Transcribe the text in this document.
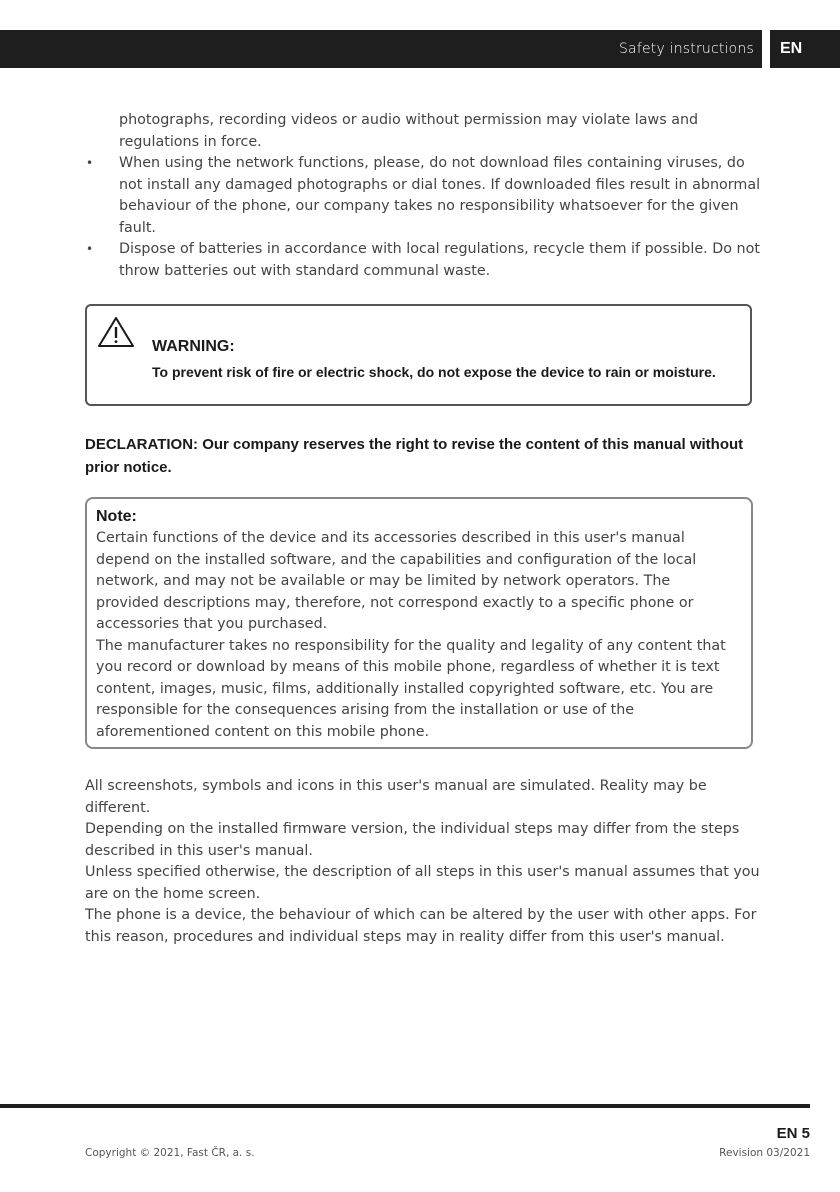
Safety instructions	EN

photographs, recording videos or audio without permission may violate laws and regulations in force.

• When using the network functions, please, do not download files containing viruses, do not install any damaged photographs or dial tones. If downloaded files result in abnormal behaviour of the phone, our company takes no responsibility whatsoever for the given fault.
• Dispose of batteries in accordance with local regulations, recycle them if possible. Do not throw batteries out with standard communal waste.

WARNING:

To prevent risk of fire or electric shock, do not expose the device to rain or moisture.

DECLARATION: Our company reserves the right to revise the content of this manual without prior notice.

Note:

Certain functions of the device and its accessories described in this user's manual depend on the installed software, and the capabilities and configuration of the local network, and may not be available or may be limited by network operators. The provided descriptions may, therefore, not correspond exactly to a specific phone or accessories that you purchased.
The manufacturer takes no responsibility for the quality and legality of any content that you record or download by means of this mobile phone, regardless of whether it is text content, images, music, films, additionally installed copyrighted software, etc. You are responsible for the consequences arising from the installation or use of the aforementioned content on this mobile phone.
All screenshots, symbols and icons in this user's manual are simulated. Reality may be different.
Depending on the installed firmware version, the individual steps may differ from the steps described in this user's manual.
Unless specified otherwise, the description of all steps in this user's manual assumes that you are on the home screen.
The phone is a device, the behaviour of which can be altered by the user with other apps. For this reason, procedures and individual steps may in reality differ from this user's manual.
EN 5
Copyright © 2021, Fast ČR, a. s.	Revision 03/2021
